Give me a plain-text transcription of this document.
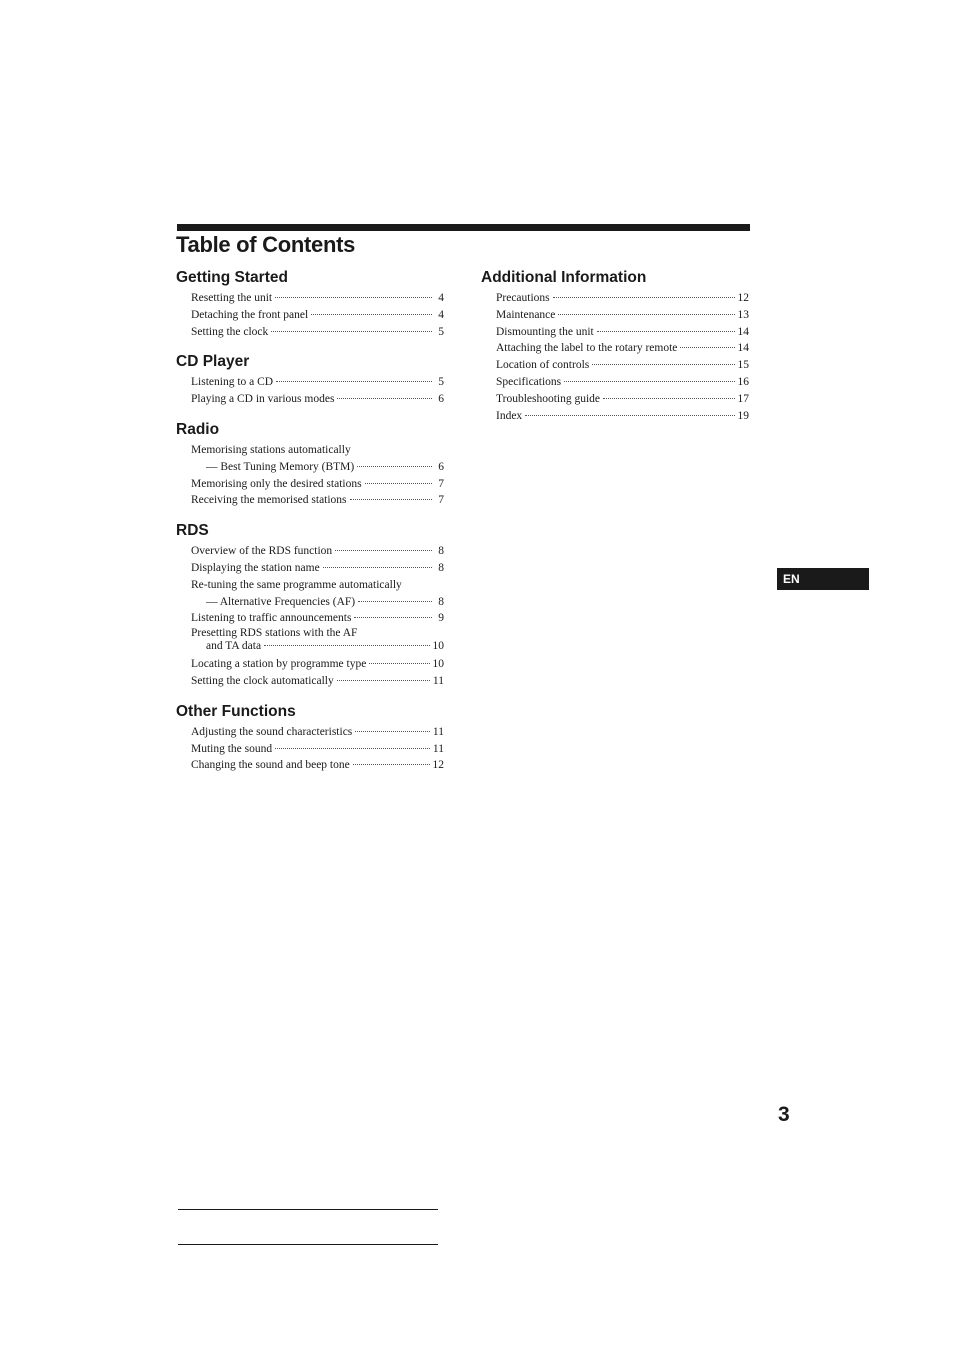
Table of Contents
Getting Started
Resetting the unit	4
Detaching the front panel	4
Setting the clock	5
CD Player
Listening to a CD	5
Playing a CD in various modes	6
Radio
Memorising stations automatically
— Best Tuning Memory (BTM)	6
Memorising only the desired stations	7
Receiving the memorised stations	7
RDS
Overview of the RDS function	8
Displaying the station name	8
Re-tuning the same programme automatically
— Alternative Frequencies (AF)	8
Listening to traffic announcements	9
Presetting RDS stations with the AF
and TA data	10
Locating a station by programme type	10
Setting the clock automatically	11
Other Functions
Adjusting the sound characteristics	11
Muting the sound	11
Changing the sound and beep tone	12
Additional Information
Precautions	12
Maintenance	13
Dismounting the unit	14
Attaching the label to the rotary remote	14
Location of controls	15
Specifications	16
Troubleshooting guide	17
Index	19
EN
3
